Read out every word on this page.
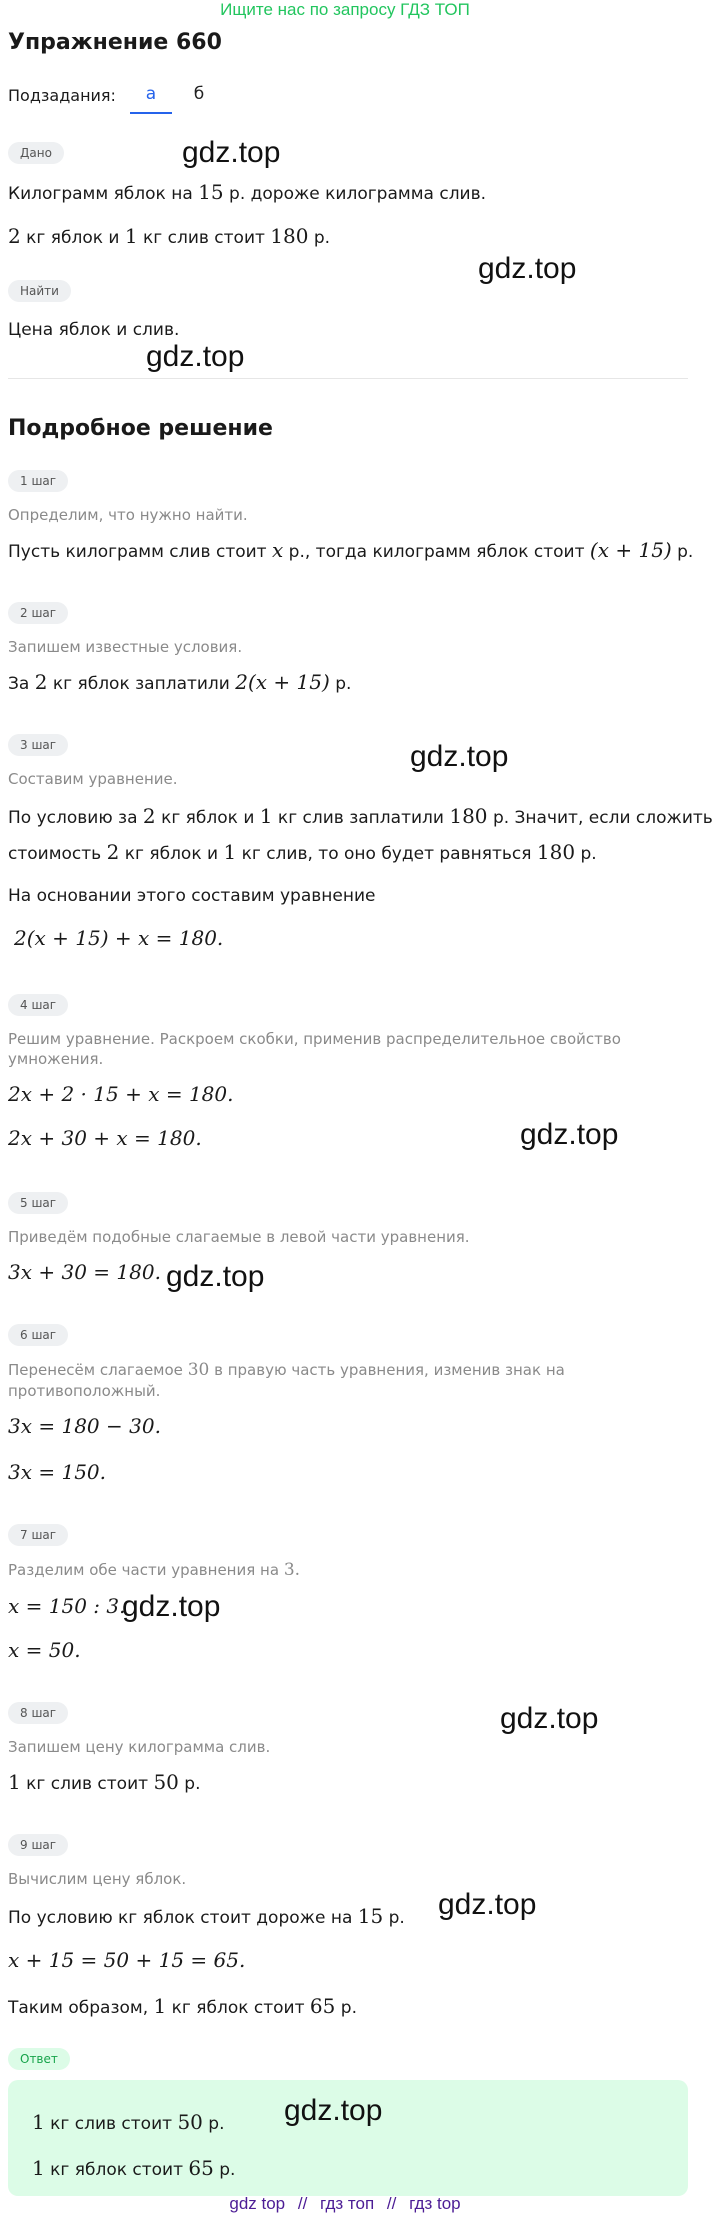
Ищите нас по запросу ГДЗ ТОП
Упражнение 660
Подзадания:	а	б
Дано
Килограмм яблок на 15 р. дороже килограмма слив.
2 кг яблок и 1 кг слив стоит 180 р.
Найти
Цена яблок и слив.
Подробное решение
1 шаг
Определим, что нужно найти.
Пусть килограмм слив стоит x р., тогда килограмм яблок стоит (x + 15) р.
2 шаг
Запишем известные условия.
За 2 кг яблок заплатили 2(x + 15) р.
3 шаг
Составим уравнение.
По условию за 2 кг яблок и 1 кг слив заплатили 180 р. Значит, если сложить
стоимость 2 кг яблок и 1 кг слив, то оно будет равняться 180 р.
На основании этого составим уравнение
2(x + 15) + x = 180.
4 шаг
Решим уравнение. Раскроем скобки, применив распределительное свойство
умножения.
2x + 2 · 15 + x = 180.
2x + 30 + x = 180.
5 шаг
Приведём подобные слагаемые в левой части уравнения.
3x + 30 = 180.
6 шаг
Перенесём слагаемое 30 в правую часть уравнения, изменив знак на
противоположный.
3x = 180 − 30.
3x = 150.
7 шаг
Разделим обе части уравнения на 3.
x = 150 : 3.
x = 50.
8 шаг
Запишем цену килограмма слив.
1 кг слив стоит 50 р.
9 шаг
Вычислим цену яблок.
По условию кг яблок стоит дороже на 15 р.
x + 15 = 50 + 15 = 65.
Таким образом, 1 кг яблок стоит 65 р.
Ответ
1 кг слив стоит 50 р.
1 кг яблок стоит 65 р.
gdz.top
gdz.top
gdz.top
gdz.top
gdz.top
gdz.top
gdz.top
gdz.top
gdz.top
gdz.top
gdz top // гдз топ // гдз top
